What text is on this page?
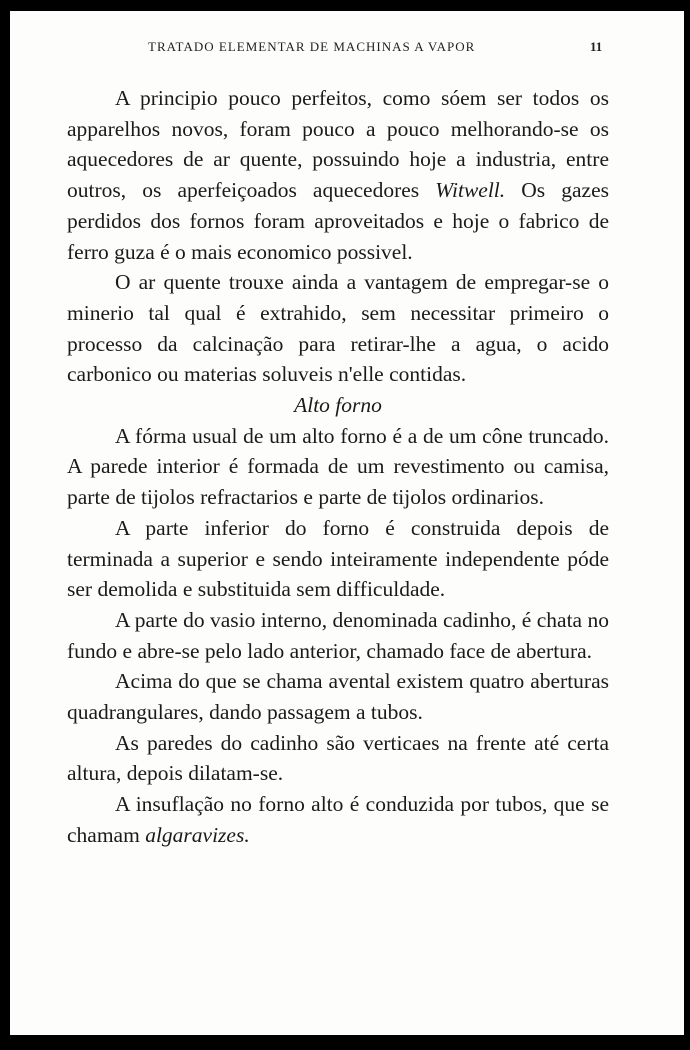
TRATADO ELEMENTAR DE MACHINAS A VAPOR	11

A principio pouco perfeitos, como sóem ser todos os apparelhos novos, foram pouco a pouco melhorando-se os aquecedores de ar quente, possuindo hoje a industria, entre outros, os aperfeiçoados aquecedores Witwell. Os gazes perdidos dos fornos foram aproveitados e hoje o fabrico de ferro guza é o mais economico possivel.

O ar quente trouxe ainda a vantagem de empregar-se o minerio tal qual é extrahido, sem necessitar primeiro o processo da calcinação para retirar-lhe a agua, o acido carbonico ou materias soluveis n'elle contidas.

Alto forno

A fórma usual de um alto forno é a de um cône truncado. A parede interior é formada de um revestimento ou camisa, parte de tijolos refractarios e parte de tijolos ordinarios.

A parte inferior do forno é construida depois de terminada a superior e sendo inteiramente independente póde ser demolida e substituida sem difficuldade.

A parte do vasio interno, denominada cadinho, é chata no fundo e abre-se pelo lado anterior, chamado face de abertura.

Acima do que se chama avental existem quatro aberturas quadrangulares, dando passagem a tubos.

As paredes do cadinho são verticaes na frente até certa altura, depois dilatam-se.

A insuflação no forno alto é conduzida por tubos, que se chamam algaravizes.
